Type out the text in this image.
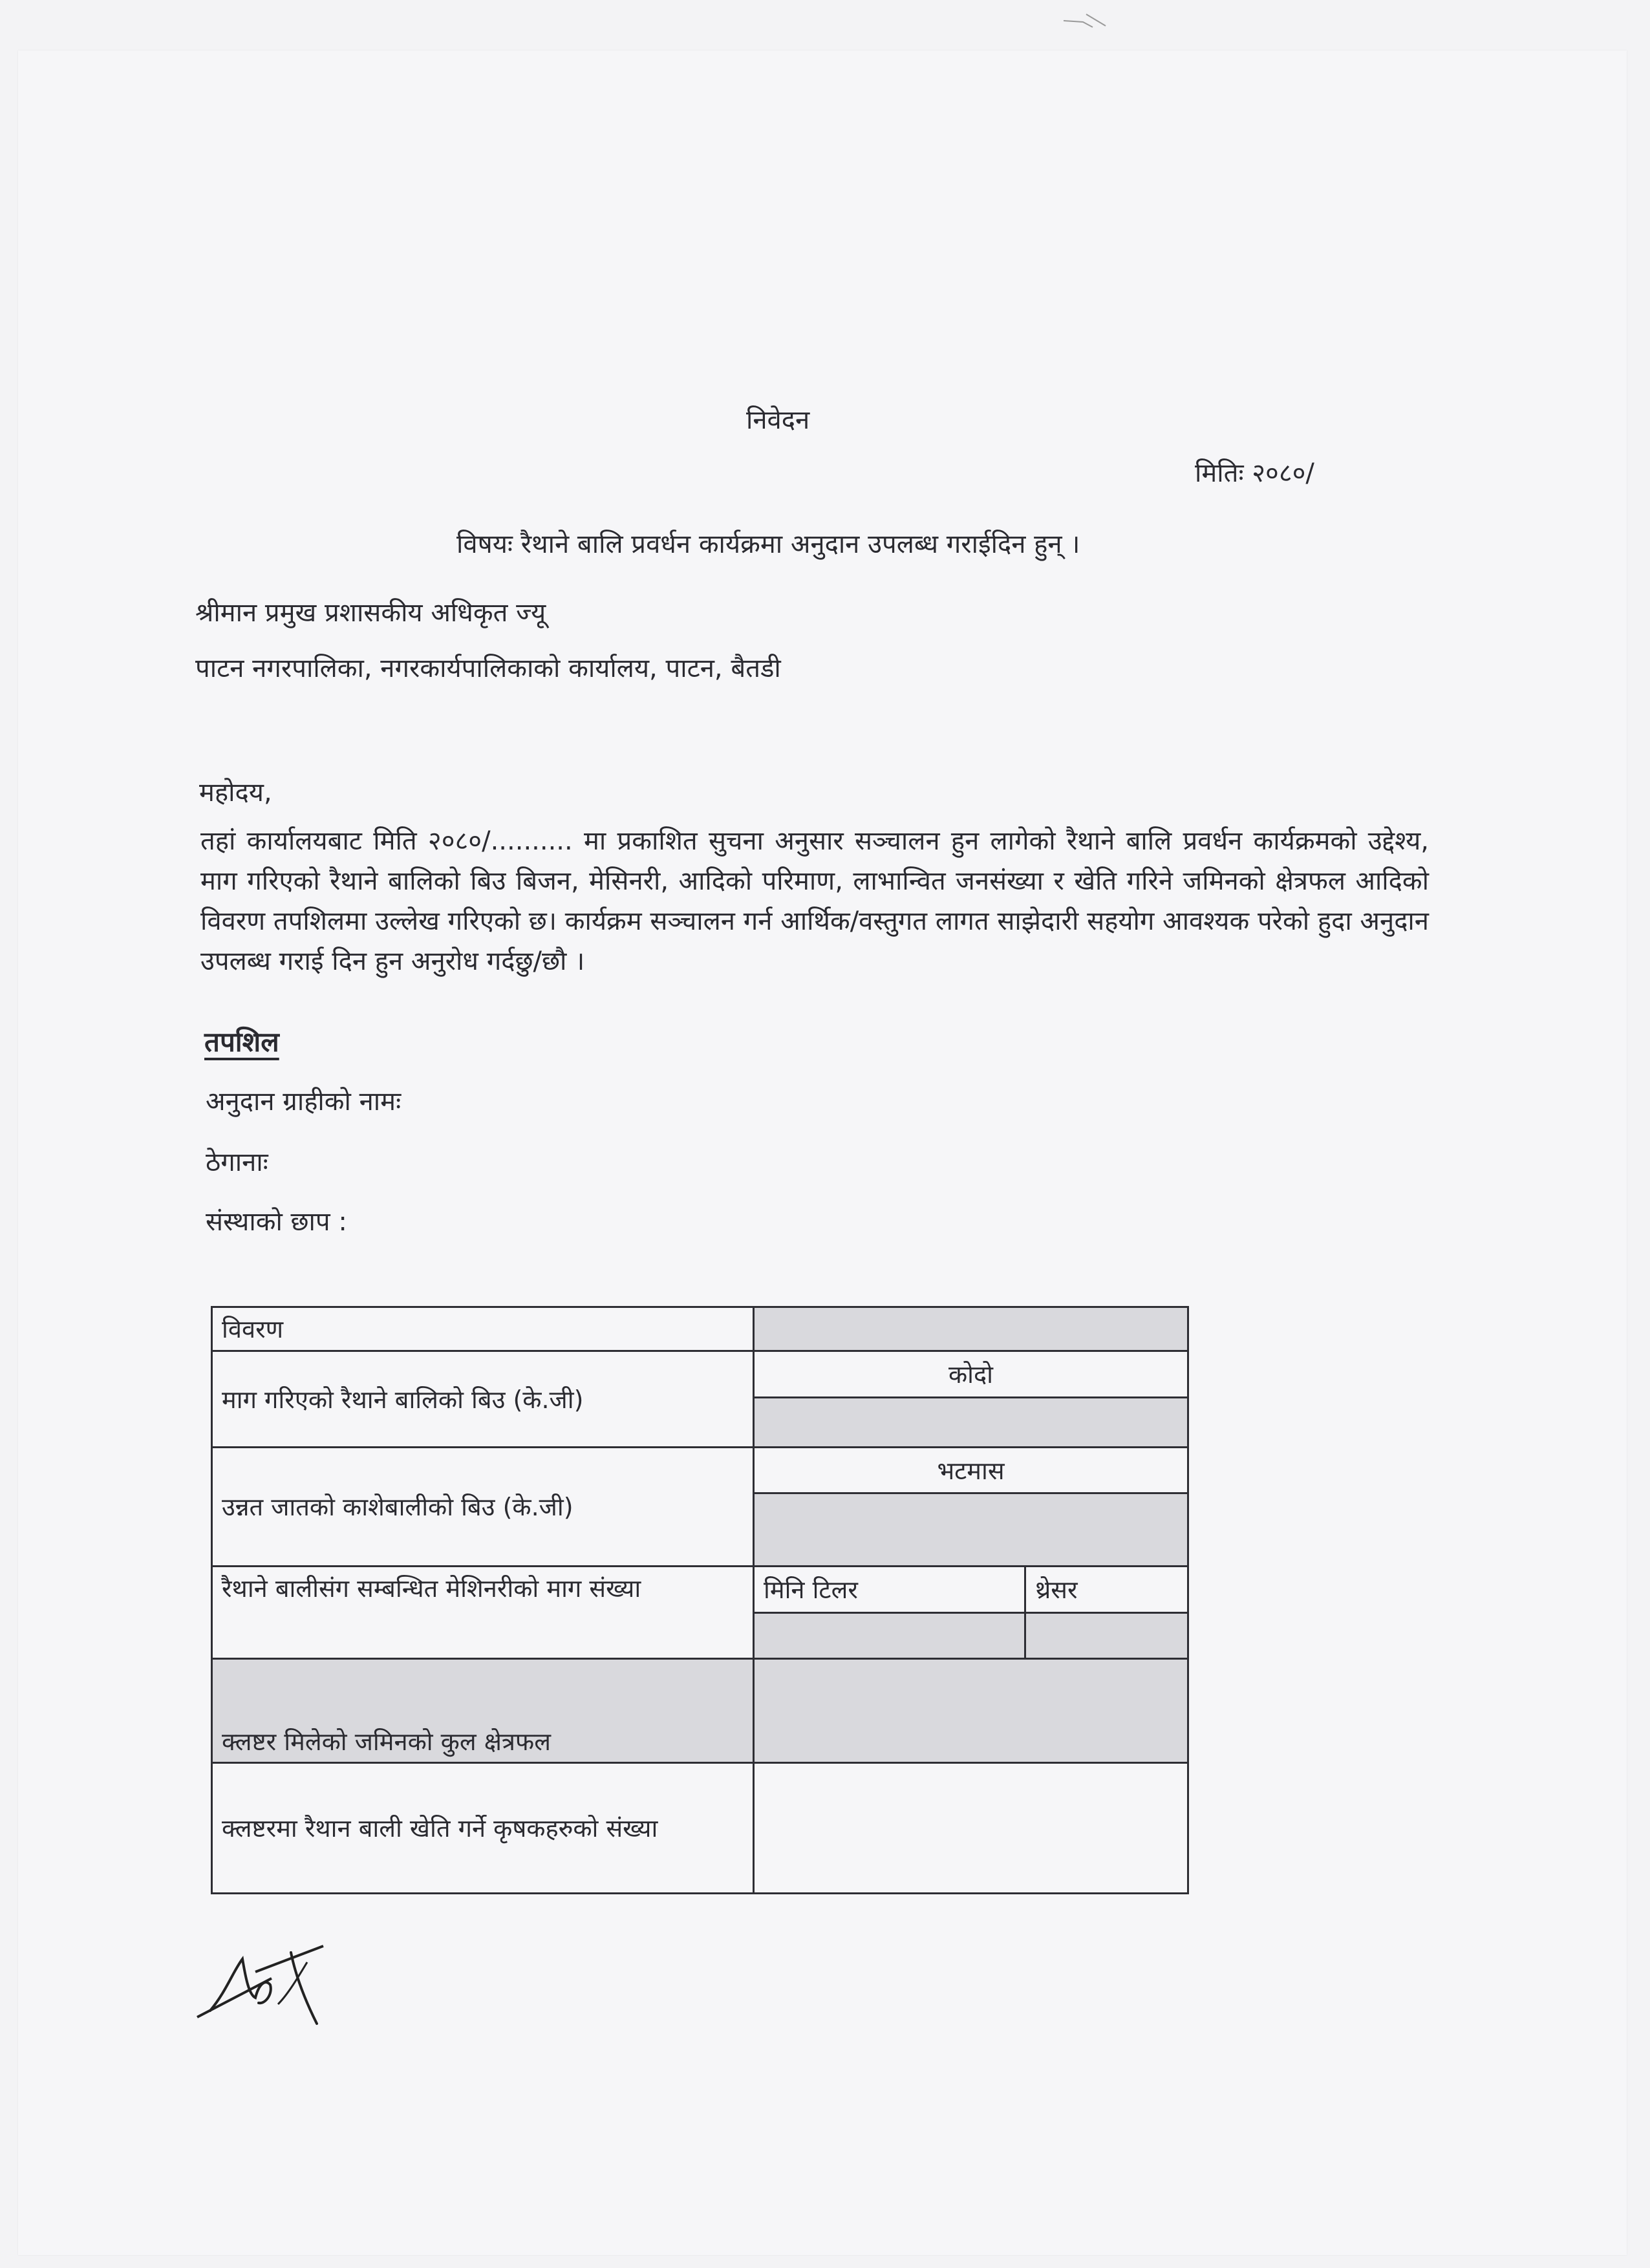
निवेदन
मितिः २०८०/
विषयः रैथाने बालि प्रवर्धन कार्यक्रमा अनुदान उपलब्ध गराईदिन हुन् ।
श्रीमान प्रमुख प्रशासकीय अधिकृत ज्यू
पाटन नगरपालिका, नगरकार्यपालिकाको कार्यालय, पाटन, बैतडी
महोदय,
तहां कार्यालयबाट मिति २०८०/.......... मा प्रकाशित सुचना अनुसार सञ्चालन हुन लागेको रैथाने बालि प्रवर्धन कार्यक्रमको उद्देश्य, माग गरिएको रैथाने बालिको बिउ बिजन, मेसिनरी, आदिको परिमाण, लाभान्वित जनसंख्या र खेति गरिने जमिनको क्षेत्रफल आदिको विवरण तपशिलमा उल्लेख गरिएको छ। कार्यक्रम सञ्चालन गर्न आर्थिक/वस्तुगत लागत साझेदारी सहयोग आवश्यक परेको हुदा अनुदान उपलब्ध गराई दिन हुन अनुरोध गर्दछु/छौ ।
तपशिल
अनुदान ग्राहीको नामः
ठेगानाः
संस्थाको छाप :
विवरण		
माग गरिएको रैथाने बालिको बिउ (के.जी)	कोदो	

उन्नत जातको काशेबालीको बिउ (के.जी)	भटमास	

रैथाने बालीसंग सम्बन्धित मेशिनरीको माग संख्या	मिनि टिलर	थ्रेसर

क्लष्टर मिलेको जमिनको कुल क्षेत्रफल		
क्लष्टरमा रैथान बाली खेति गर्ने कृषकहरुको संख्या		
